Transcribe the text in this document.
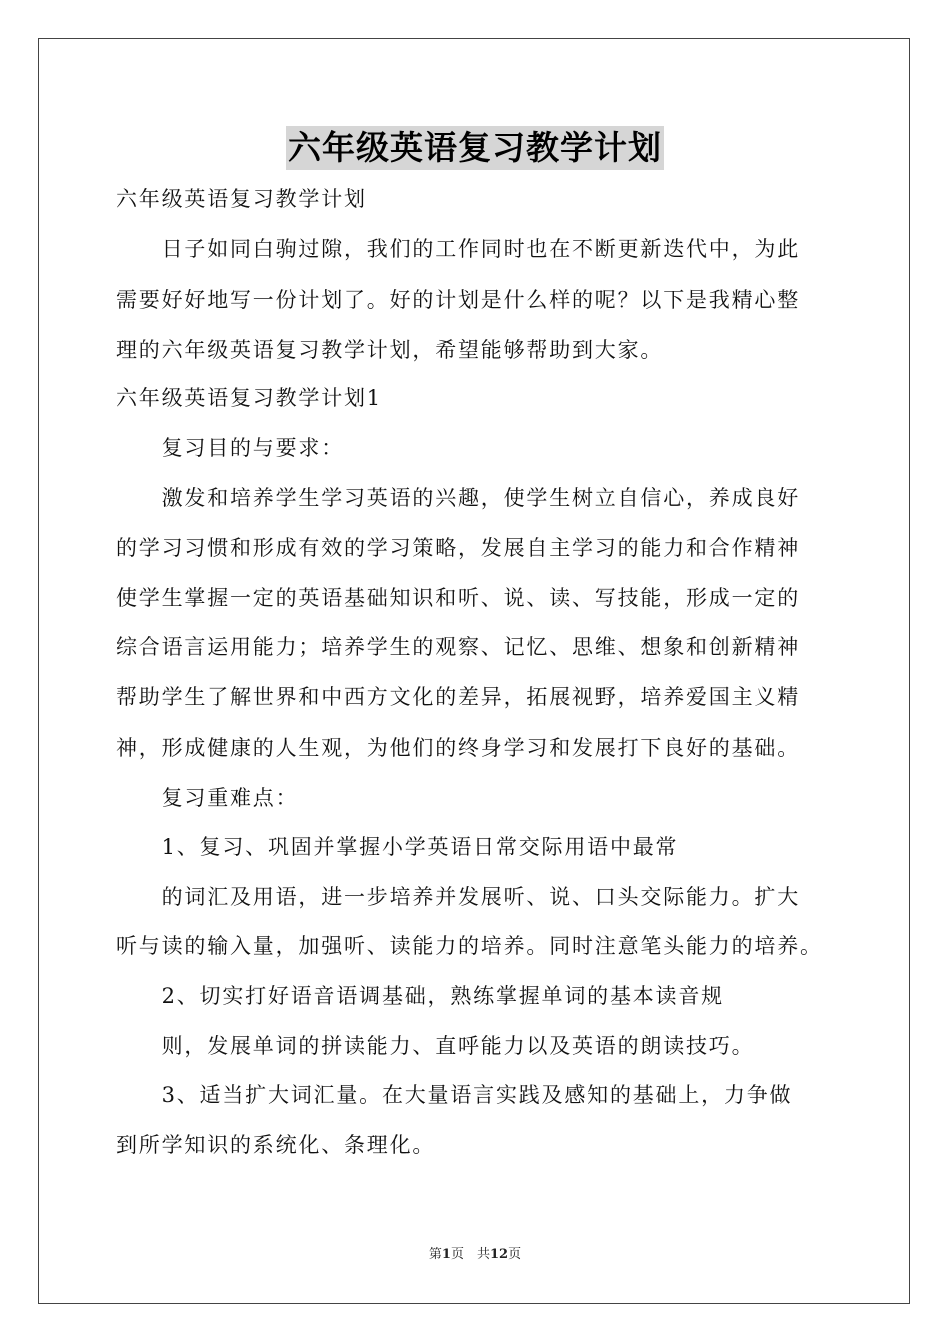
六年级英语复习教学计划
六年级英语复习教学计划
　　日子如同白驹过隙，我们的工作同时也在不断更新迭代中，为此
需要好好地写一份计划了。好的计划是什么样的呢？以下是我精心整
理的六年级英语复习教学计划，希望能够帮助到大家。
六年级英语复习教学计划1
　　复习目的与要求：
　　激发和培养学生学习英语的兴趣，使学生树立自信心，养成良好
的学习习惯和形成有效的学习策略，发展自主学习的能力和合作精神
使学生掌握一定的英语基础知识和听、说、读、写技能，形成一定的
综合语言运用能力；培养学生的观察、记忆、思维、想象和创新精神
帮助学生了解世界和中西方文化的差异，拓展视野，培养爱国主义精
神，形成健康的人生观，为他们的终身学习和发展打下良好的基础。
　　复习重难点：
　　1、复习、巩固并掌握小学英语日常交际用语中最常
　　的词汇及用语，进一步培养并发展听、说、口头交际能力。扩大
听与读的输入量，加强听、读能力的培养。同时注意笔头能力的培养。
　　2、切实打好语音语调基础，熟练掌握单词的基本读音规
　　则，发展单词的拼读能力、直呼能力以及英语的朗读技巧。
　　3、适当扩大词汇量。在大量语言实践及感知的基础上，力争做
到所学知识的系统化、条理化。
第1页　共12页
